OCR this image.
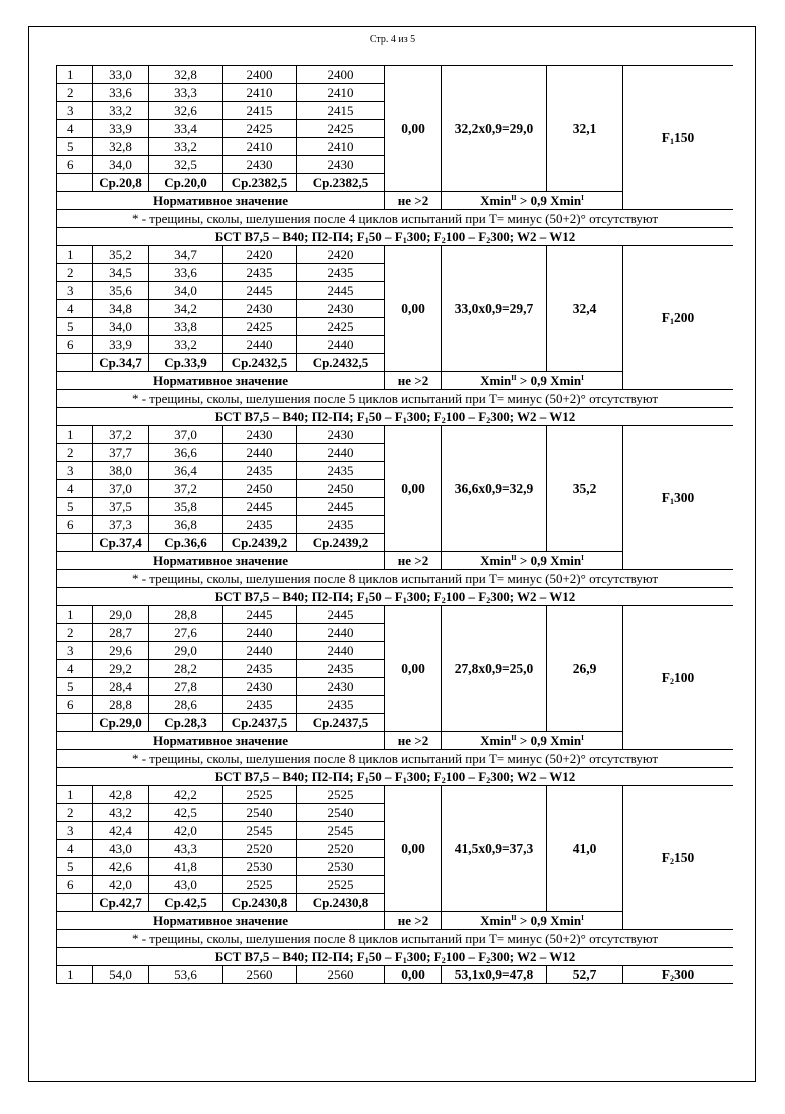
Стр. 4 из 5
1	33,0	32,8	2400	2400	0,00	32,2х0,9=29,0	32,1	$F_1150$
2	33,6	33,3	2410	2410				
3	33,2	32,6	2415	2415				
4	33,9	33,4	2425	2425				
5	32,8	33,2	2410	2410				
6	34,0	32,5	2430	2430				
	Ср.20,8	Ср.20,0	Ср.2382,5	Ср.2382,5				
Нормативное значение					не >2	Xmin$^{II}$ > 0,9 Xmin$^I$
* - трещины, сколы, шелушения после 4 циклов испытаний при Т= минус (50+2)° отсутствуют								
БСТ В7,5 – В40; П2-П4; $F_150 - F_1300$; $F_2100 - F_2300$; W2 – W12								
1	35,2	34,7	2420	2420	0,00	33,0х0,9=29,7	32,4	$F_1200$
2	34,5	33,6	2435	2435				
3	35,6	34,0	2445	2445				
4	34,8	34,2	2430	2430				
5	34,0	33,8	2425	2425				
6	33,9	33,2	2440	2440				
	Ср.34,7	Ср.33,9	Ср.2432,5	Ср.2432,5				
Нормативное значение					не >2	Xmin$^{II}$ > 0,9 Xmin$^I$
* - трещины, сколы, шелушения после 5 циклов испытаний при Т= минус (50+2)° отсутствуют								
БСТ В7,5 – В40; П2-П4; $F_150 - F_1300$; $F_2100 - F_2300$; W2 – W12								
1	37,2	37,0	2430	2430	0,00	36,6х0,9=32,9	35,2	$F_1300$
2	37,7	36,6	2440	2440				
3	38,0	36,4	2435	2435				
4	37,0	37,2	2450	2450				
5	37,5	35,8	2445	2445				
6	37,3	36,8	2435	2435				
	Ср.37,4	Ср.36,6	Ср.2439,2	Ср.2439,2				
Нормативное значение					не >2	Xmin$^{II}$ > 0,9 Xmin$^I$
* - трещины, сколы, шелушения после 8 циклов испытаний при Т= минус (50+2)° отсутствуют								
БСТ В7,5 – В40; П2-П4; $F_150 - F_1300$; $F_2100 - F_2300$; W2 – W12								
1	29,0	28,8	2445	2445	0,00	27,8х0,9=25,0	26,9	$F_2100$
2	28,7	27,6	2440	2440				
3	29,6	29,0	2440	2440				
4	29,2	28,2	2435	2435				
5	28,4	27,8	2430	2430				
6	28,8	28,6	2435	2435				
	Ср.29,0	Ср.28,3	Ср.2437,5	Ср.2437,5				
Нормативное значение					не >2	Xmin$^{II}$ > 0,9 Xmin$^I$
* - трещины, сколы, шелушения после 8 циклов испытаний при Т= минус (50+2)° отсутствуют								
БСТ В7,5 – В40; П2-П4; $F_150 - F_1300$; $F_2100 - F_2300$; W2 – W12								
1	42,8	42,2	2525	2525	0,00	41,5х0,9=37,3	41,0	$F_2150$
2	43,2	42,5	2540	2540				
3	42,4	42,0	2545	2545				
4	43,0	43,3	2520	2520				
5	42,6	41,8	2530	2530				
6	42,0	43,0	2525	2525				
	Ср.42,7	Ср.42,5	Ср.2430,8	Ср.2430,8				
Нормативное значение					не >2	Xmin$^{II}$ > 0,9 Xmin$^I$
* - трещины, сколы, шелушения после 8 циклов испытаний при Т= минус (50+2)° отсутствуют								
БСТ В7,5 – В40; П2-П4; $F_150 - F_1300$; $F_2100 - F_2300$; W2 – W12								
1	54,0	53,6	2560	2560	0,00	53,1х0,9=47,8	52,7	$F_2300$
